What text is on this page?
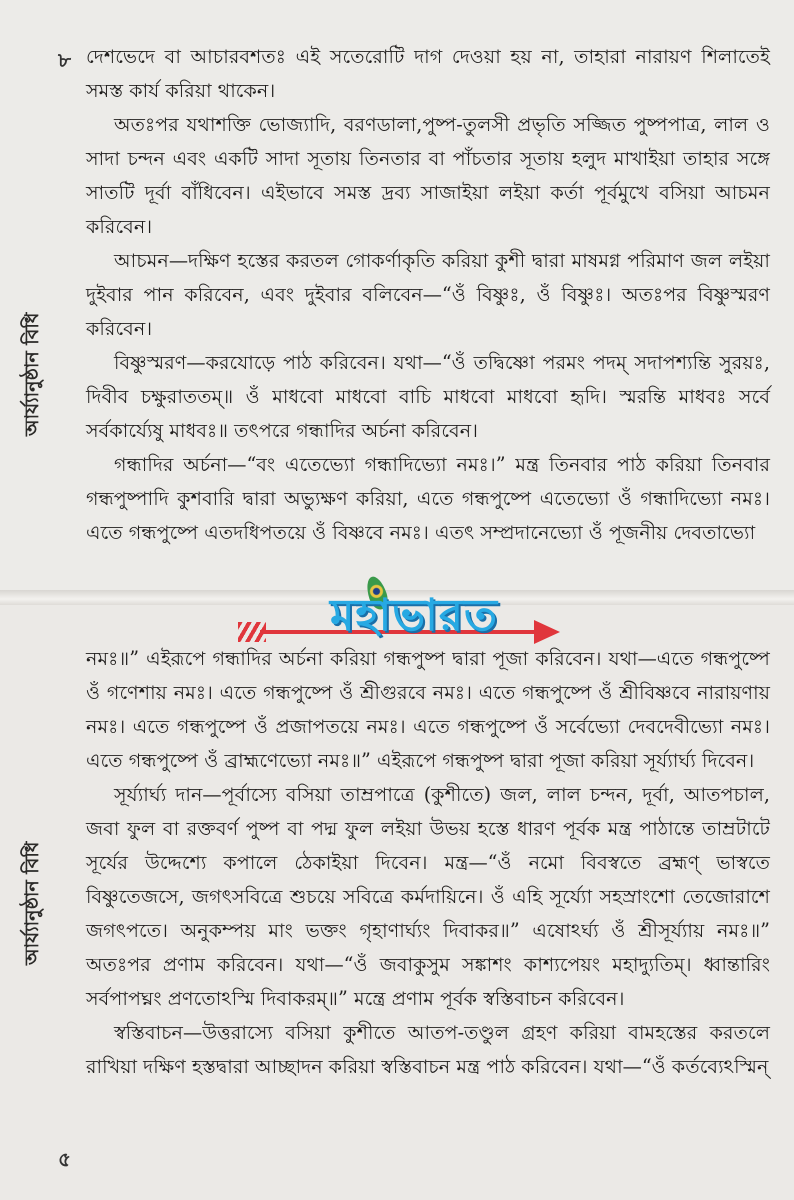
৮
আর্য্যানুষ্ঠান বিধি

দেশভেদে বা আচারবশতঃ এই সতেরোটি দাগ দেওয়া হয় না, তাহারা নারায়ণ শিলাতেই সমস্ত কার্য করিয়া থাকেন।

অতঃপর যথাশক্তি ভোজ্যাদি, বরণডালা,পুষ্প-তুলসী প্রভৃতি সজ্জিত পুষ্পপাত্র, লাল ও সাদা চন্দন এবং একটি সাদা সূতায় তিনতার বা পাঁচতার সূতায় হলুদ মাখাইয়া তাহার সঙ্গে সাতটি দূর্বা বাঁধিবেন। এইভাবে সমস্ত দ্রব্য সাজাইয়া লইয়া কর্তা পূর্বমুখে বসিয়া আচমন করিবেন।

আচমন—দক্ষিণ হস্তের করতল গোকর্ণাকৃতি করিয়া কুশী দ্বারা মাষমগ্ন পরিমাণ জল লইয়া দুইবার পান করিবেন, এবং দুইবার বলিবেন—“ওঁ বিষ্ণুঃ, ওঁ বিষ্ণুঃ। অতঃপর বিষ্ণুস্মরণ করিবেন।

বিষ্ণুস্মরণ—করযোড়ে পাঠ করিবেন। যথা—“ওঁ তদ্বিষ্ণো পরমং পদম্ সদাপশ্যন্তি সুরয়ঃ, দিবীব চক্ষুরাততম্॥ ওঁ মাধবো মাধবো বাচি মাধবো মাধবো হৃদি। স্মরন্তি মাধবঃ সর্বে সর্বকার্য্যেষু মাধবঃ॥ তৎপরে গন্ধাদির অর্চনা করিবেন।

গন্ধাদির অর্চনা—“বং এতেভ্যো গন্ধাদিভ্যো নমঃ।” মন্ত্র তিনবার পাঠ করিয়া তিনবার গন্ধপুষ্পাদি কুশবারি দ্বারা অভ্যুক্ষণ করিয়া, এতে গন্ধপুষ্পে এতেভ্যো ওঁ গন্ধাদিভ্যো নমঃ। এতে গন্ধপুষ্পে এতদধিপতয়ে ওঁ বিষ্ণবে নমঃ। এতৎ সম্প্রদানেভ্যো ওঁ পূজনীয় দেবতাভ্যো

৫
আর্য্যানুষ্ঠান বিধি

নমঃ॥” এইরূপে গন্ধাদির অর্চনা করিয়া গন্ধপুষ্প দ্বারা পূজা করিবেন। যথা—এতে গন্ধপুষ্পে ওঁ গণেশায় নমঃ। এতে গন্ধপুষ্পে ওঁ শ্রীগুরবে নমঃ। এতে গন্ধপুষ্পে ওঁ শ্রীবিষ্ণবে নারায়ণায় নমঃ। এতে গন্ধপুষ্পে ওঁ প্রজাপতয়ে নমঃ। এতে গন্ধপুষ্পে ওঁ সর্বেভ্যো দেবদেবীভ্যো নমঃ। এতে গন্ধপুষ্পে ওঁ ব্রাহ্মণেভ্যো নমঃ॥” এইরূপে গন্ধপুষ্প দ্বারা পূজা করিয়া সূর্য্যার্ঘ্য দিবেন।

সূর্য্যার্ঘ্য দান—পূর্বাস্যে বসিয়া তাম্রপাত্রে (কুশীতে) জল, লাল চন্দন, দূর্বা, আতপচাল, জবা ফুল বা রক্তবর্ণ পুষ্প বা পদ্ম ফুল লইয়া উভয় হস্তে ধারণ পূর্বক মন্ত্র পাঠান্তে তাম্রটাটে সূর্যের উদ্দেশ্যে কপালে ঠেকাইয়া দিবেন। মন্ত্র—“ওঁ নমো বিবস্বতে ব্রহ্মণ্ ভাস্বতে বিষ্ণুতেজসে, জগৎসবিত্রে শুচয়ে সবিত্রে কর্মদায়িনে। ওঁ এহি সূর্য্যো সহস্রাংশো তেজোরাশে জগৎপতে। অনুকম্পয় মাং ভক্তং গৃহাণার্ঘ্যং দিবাকর॥” এষোঽর্ঘ্য ওঁ শ্রীসূর্য্যায় নমঃ॥” অতঃপর প্রণাম করিবেন। যথা—“ওঁ জবাকুসুম সঙ্কাশং কাশ্যপেয়ং মহাদ্যুতিম্। ধ্বান্তারিং সর্বপাপঘ্নং প্রণতোঽস্মি দিবাকরম্॥” মন্ত্রে প্রণাম পূর্বক স্বস্তিবাচন করিবেন।

স্বস্তিবাচন—উত্তরাস্যে বসিয়া কুশীতে আতপ-তণ্ডুল গ্রহণ করিয়া বামহস্তের করতলে রাখিয়া দক্ষিণ হস্তদ্বারা আচ্ছাদন করিয়া স্বস্তিবাচন মন্ত্র পাঠ করিবেন। যথা—“ওঁ কর্তব্যেঽস্মিন্

মহাভারত
